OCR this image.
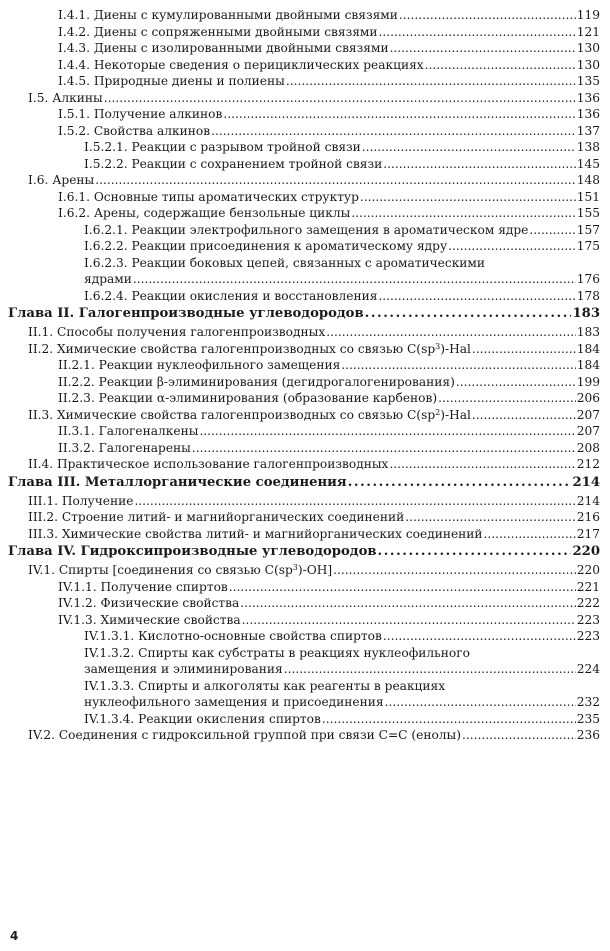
I.4.1. Диены с кумулированными двойными связями .....	119
I.4.2. Диены с сопряженными двойными связями .....	121
I.4.3. Диены с изолированными двойными связями .....	130
I.4.4. Некоторые сведения о перициклических реакциях .....	130
I.4.5. Природные диены и полиены .....	135
I.5. Алкины .....	136
I.5.1. Получение алкинов .....	136
I.5.2. Свойства алкинов .....	137
I.5.2.1. Реакции с разрывом тройной связи .....	138
I.5.2.2. Реакции с сохранением тройной связи .....	145
I.6. Арены .....	148
I.6.1. Основные типы ароматических структур .....	151
I.6.2. Арены, содержащие бензольные циклы .....	155
I.6.2.1. Реакции электрофильного замещения в ароматическом ядре .....	157
I.6.2.2. Реакции присоединения к ароматическому ядру .....	175
I.6.2.3. Реакции боковых цепей, связанных с ароматическими
ядрами .....	176
I.6.2.4. Реакции окисления и восстановления .....	178
Глава II. Галогенпроизводные углеводородов .....	183
II.1. Способы получения галогенпроизводных .....	183
II.2. Химические свойства галогенпроизводных со связью $C(sp^3)$-Hal .....	184
II.2.1. Реакции нуклеофильного замещения .....	184
II.2.2. Реакции β-элиминирования (дегидрогалогенирования) .....	199
II.2.3. Реакции α-элиминирования (образование карбенов) .....	206
II.3. Химические свойства галогенпроизводных со связью $C(sp^2)$-Hal .....	207
II.3.1. Галогеналкены .....	207
II.3.2. Галогенарены .....	208
II.4. Практическое использование галогенпроизводных .....	212
Глава III. Металлорганические соединения .....	214
III.1. Получение .....	214
III.2. Строение литий- и магнийорганических соединений .....	216
III.3. Химические свойства литий- и магнийорганических соединений .....	217
Глава IV. Гидроксипроизводные углеводородов .....	220
IV.1. Спирты [соединения со связью $C(sp^3)-OH$] .....	220
IV.1.1. Получение спиртов .....	221
IV.1.2. Физические свойства .....	222
IV.1.3. Химические свойства .....	223
IV.1.3.1. Кислотно-основные свойства спиртов .....	223
IV.1.3.2. Спирты как субстраты в реакциях нуклеофильного
замещения и элиминирования .....	224
IV.1.3.3. Спирты и алкоголяты как реагенты в реакциях
нуклеофильного замещения и присоединения .....	232
IV.1.3.4. Реакции окисления спиртов .....	235
IV.2. Соединения с гидроксильной группой при связи C=C (енолы) .....	236
4
